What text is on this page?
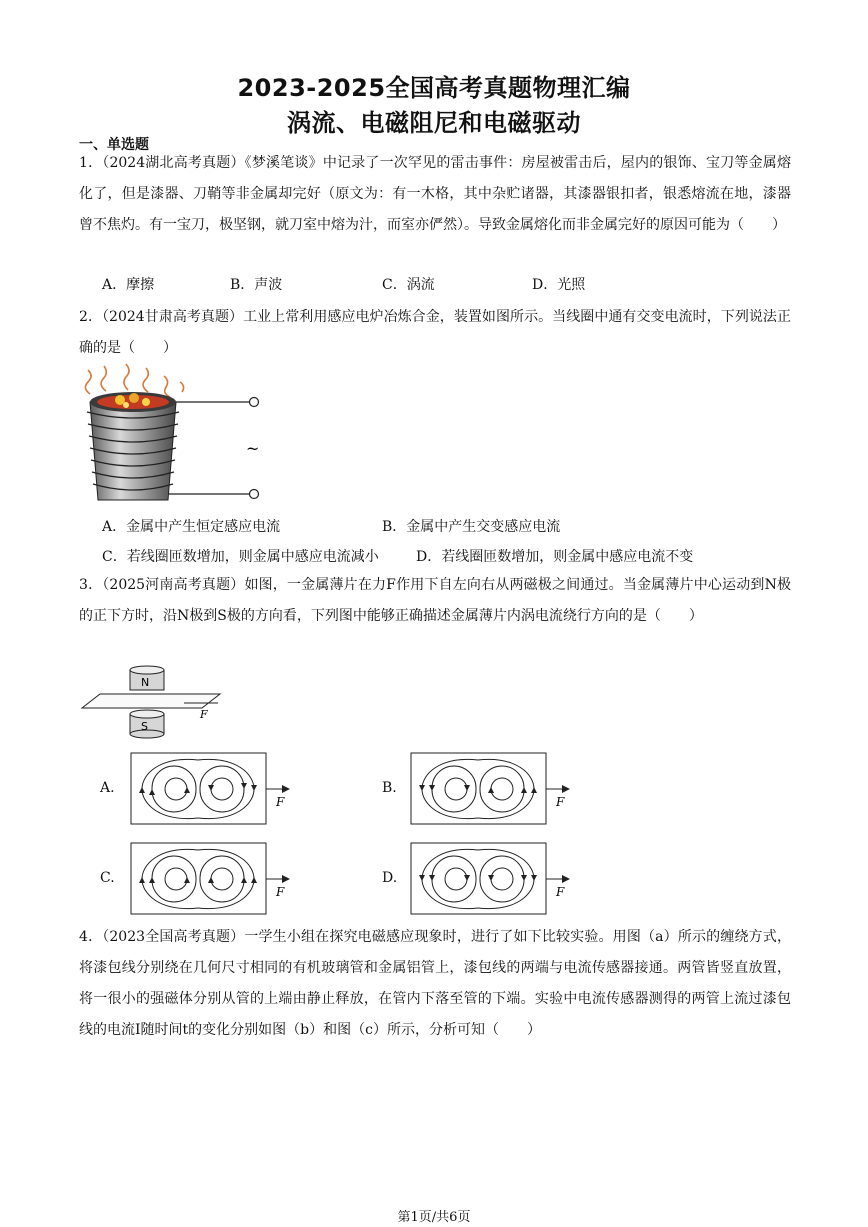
2023-2025全国高考真题物理汇编
涡流、电磁阻尼和电磁驱动
一、单选题
1．（2024湖北高考真题）《梦溪笔谈》中记录了一次罕见的雷击事件：房屋被雷击后，屋内的银饰、宝刀等金属熔化了，但是漆器、刀鞘等非金属却完好（原文为：有一木格，其中杂贮诸器，其漆器银扣者，银悉熔流在地，漆器曾不焦灼。有一宝刀，极坚钢，就刀室中熔为汁，而室亦俨然）。导致金属熔化而非金属完好的原因可能为（　　）
A．摩擦	B．声波	C．涡流	D．光照
2．（2024甘肃高考真题）工业上常利用感应电炉冶炼合金，装置如图所示。当线圈中通有交变电流时，下列说法正确的是（　　）
~
A．金属中产生恒定感应电流	B．金属中产生交变感应电流
C．若线圈匝数增加，则金属中感应电流减小	D．若线圈匝数增加，则金属中感应电流不变
3．（2025河南高考真题）如图，一金属薄片在力F作用下自左向右从两磁极之间通过。当金属薄片中心运动到N极的正下方时，沿N极到S极的方向看，下列图中能够正确描述金属薄片内涡电流绕行方向的是（　　）
N
F
S
A.	B.
C.	D.
F	F
F	F
4．（2023全国高考真题）一学生小组在探究电磁感应现象时，进行了如下比较实验。用图（a）所示的缠绕方式，将漆包线分别绕在几何尺寸相同的有机玻璃管和金属铝管上，漆包线的两端与电流传感器接通。两管皆竖直放置，将一很小的强磁体分别从管的上端由静止释放，在管内下落至管的下端。实验中电流传感器测得的两管上流过漆包线的电流I随时间t的变化分别如图（b）和图（c）所示，分析可知（　　）
第1页/共6页
